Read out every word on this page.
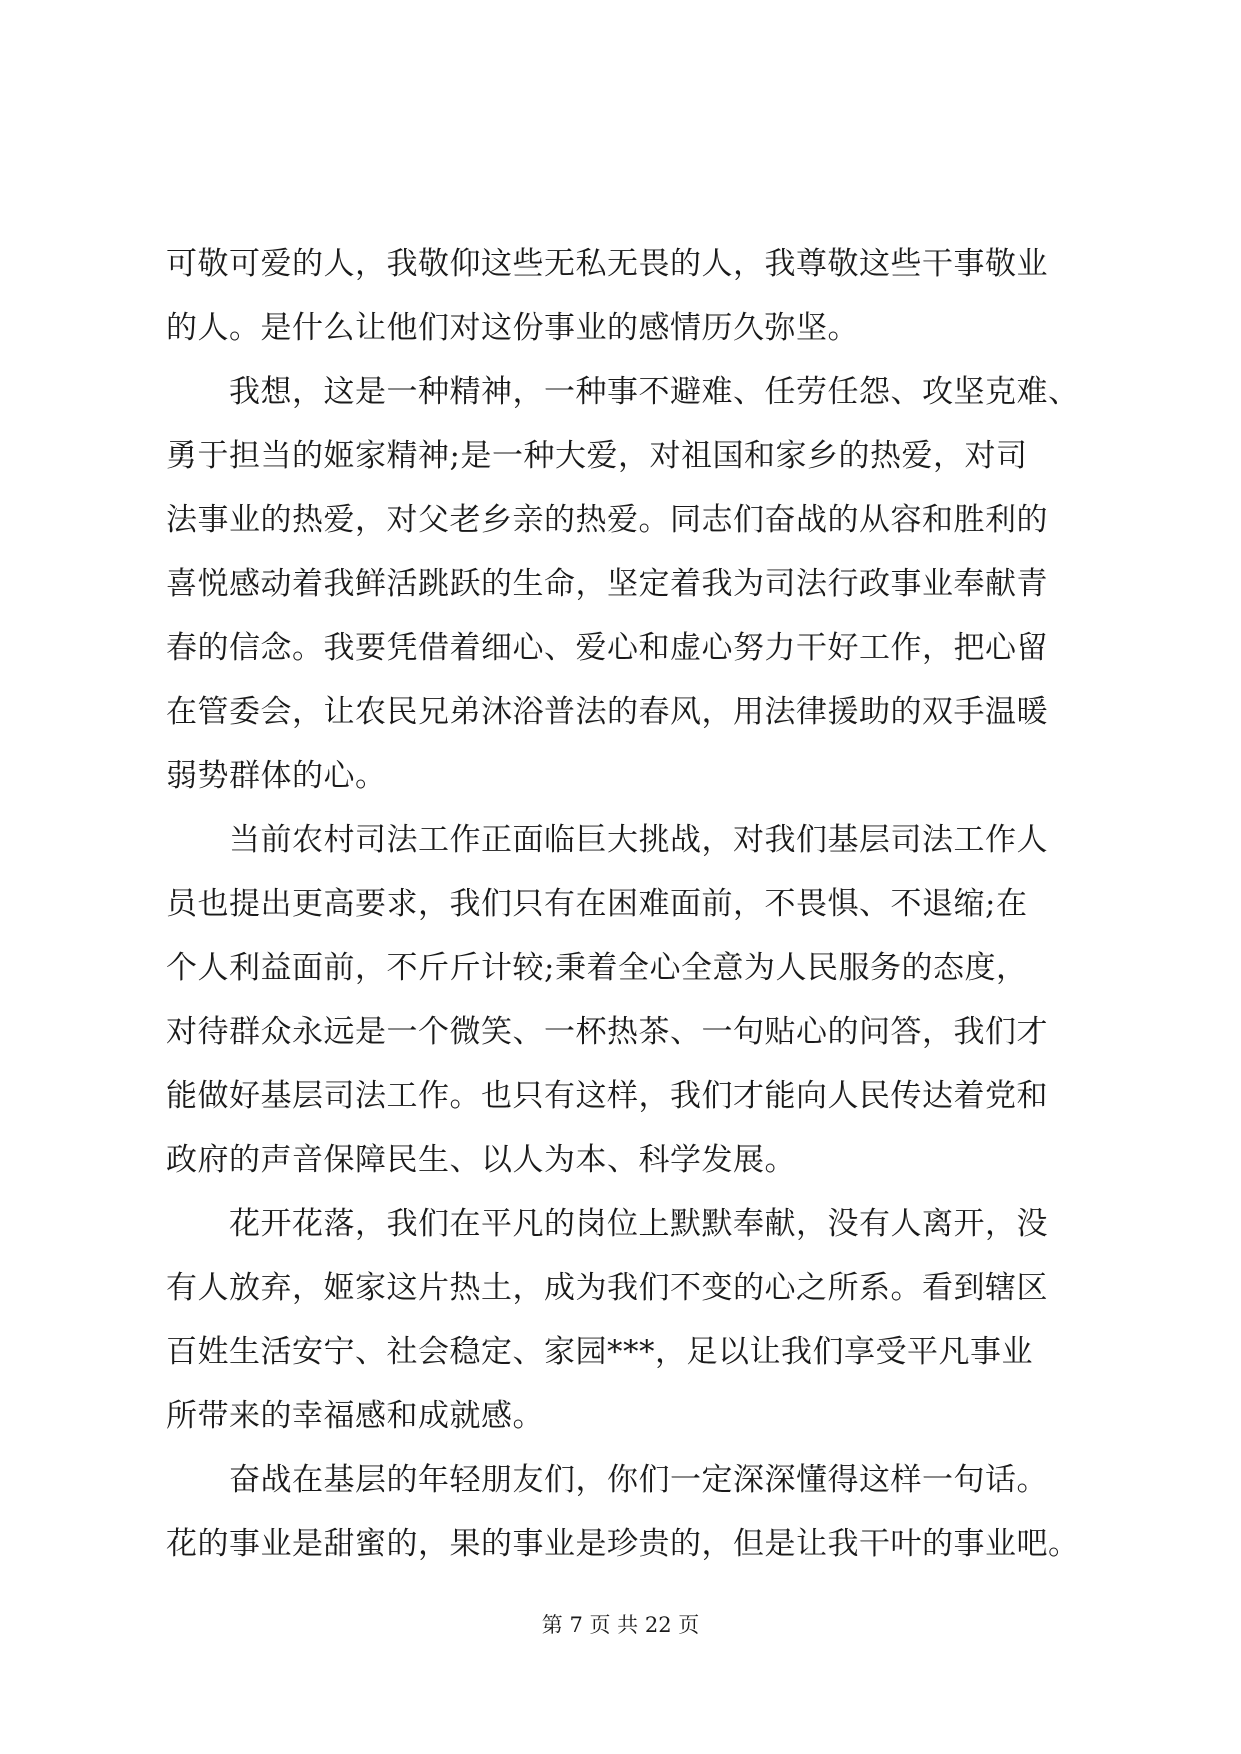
可敬可爱的人，我敬仰这些无私无畏的人，我尊敬这些干事敬业
的人。是什么让他们对这份事业的感情历久弥坚。
　　我想，这是一种精神，一种事不避难、任劳任怨、攻坚克难、
勇于担当的姬家精神;是一种大爱，对祖国和家乡的热爱，对司
法事业的热爱，对父老乡亲的热爱。同志们奋战的从容和胜利的
喜悦感动着我鲜活跳跃的生命，坚定着我为司法行政事业奉献青
春的信念。我要凭借着细心、爱心和虚心努力干好工作，把心留
在管委会，让农民兄弟沐浴普法的春风，用法律援助的双手温暖
弱势群体的心。
　　当前农村司法工作正面临巨大挑战，对我们基层司法工作人
员也提出更高要求，我们只有在困难面前，不畏惧、不退缩;在
个人利益面前，不斤斤计较;秉着全心全意为人民服务的态度，
对待群众永远是一个微笑、一杯热茶、一句贴心的问答，我们才
能做好基层司法工作。也只有这样，我们才能向人民传达着党和
政府的声音保障民生、以人为本、科学发展。
　　花开花落，我们在平凡的岗位上默默奉献，没有人离开，没
有人放弃，姬家这片热土，成为我们不变的心之所系。看到辖区
百姓生活安宁、社会稳定、家园***，足以让我们享受平凡事业
所带来的幸福感和成就感。
　　奋战在基层的年轻朋友们，你们一定深深懂得这样一句话。
花的事业是甜蜜的，果的事业是珍贵的，但是让我干叶的事业吧。
第 7 页 共 22 页
